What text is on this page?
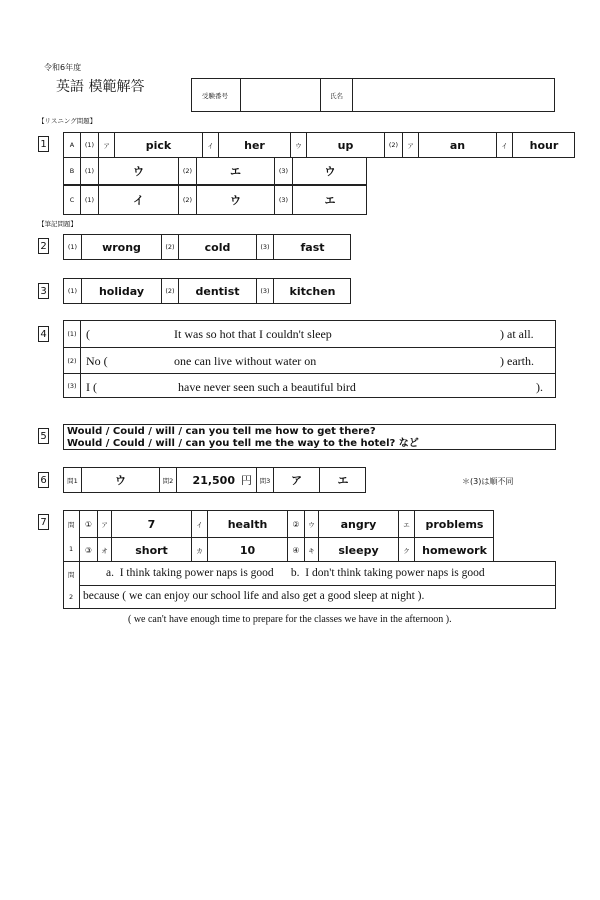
令和6年度
英語 模範解答
受験番号	氏名
【リスニング問題】
1	A	(1)	ア	pick	イ	her	ウ	up	(2)	ア	an	イ	hour
B	(1)	ウ	(2)	エ	(3)	ウ
C	(1)	イ	(2)	ウ	(3)	エ
【筆記問題】
2	(1)	wrong	(2)	cold	(3)	fast
3	(1)	holiday	(2)	dentist	(3)	kitchen
4	(1) (	It was so hot that I couldn't sleep	) at all.
(2) No (	one can live without water on	) earth.
(3) I (	have never seen such a beautiful bird	).
5 Would / Could / will / can you tell me how to get there?
Would / Could / will / can you tell me the way to the hotel? など
6	問1	ウ	問2 21,500 円	問3	ア	エ	＊(3)は順不同
7	問
1
①	ア	7	イ	health	②	ウ	angry	エ	problems
③	オ	short	カ	10	④	キ	sleepy	ク	homework
問
2
a.  I think taking power naps is good      b.  I don't think taking power naps is good
because ( we can enjoy our school life and also get a good sleep at night ).
( we can't have enough time to prepare for the classes we have in the afternoon ).
